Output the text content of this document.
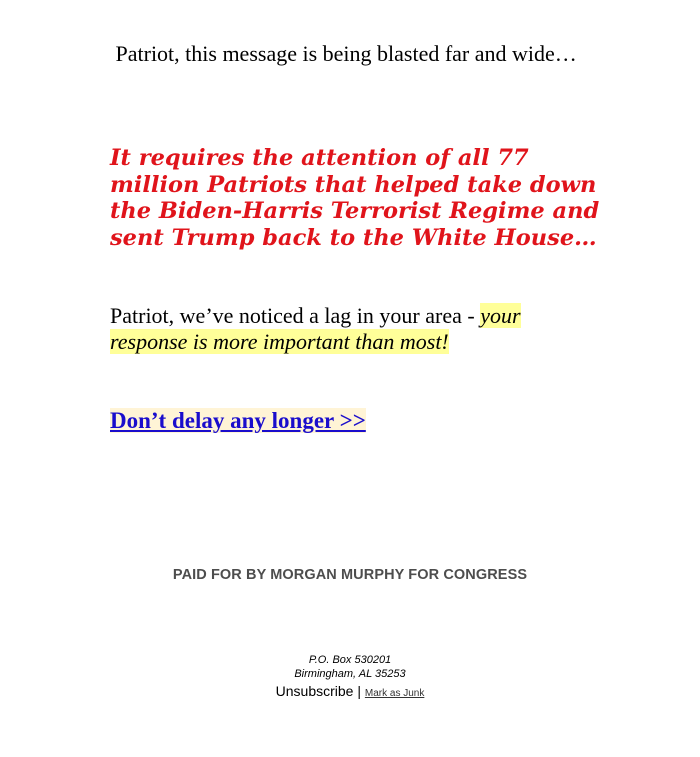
Patriot, this message is being blasted far and wide…
It requires the attention of all 77 million Patriots that helped take down the Biden-Harris Terrorist Regime and sent Trump back to the White House…
Patriot, we’ve noticed a lag in your area - your response is more important than most!
Don’t delay any longer >>
PAID FOR BY MORGAN MURPHY FOR CONGRESS
P.O. Box 530201
Birmingham, AL 35253
Unsubscribe | Mark as Junk
